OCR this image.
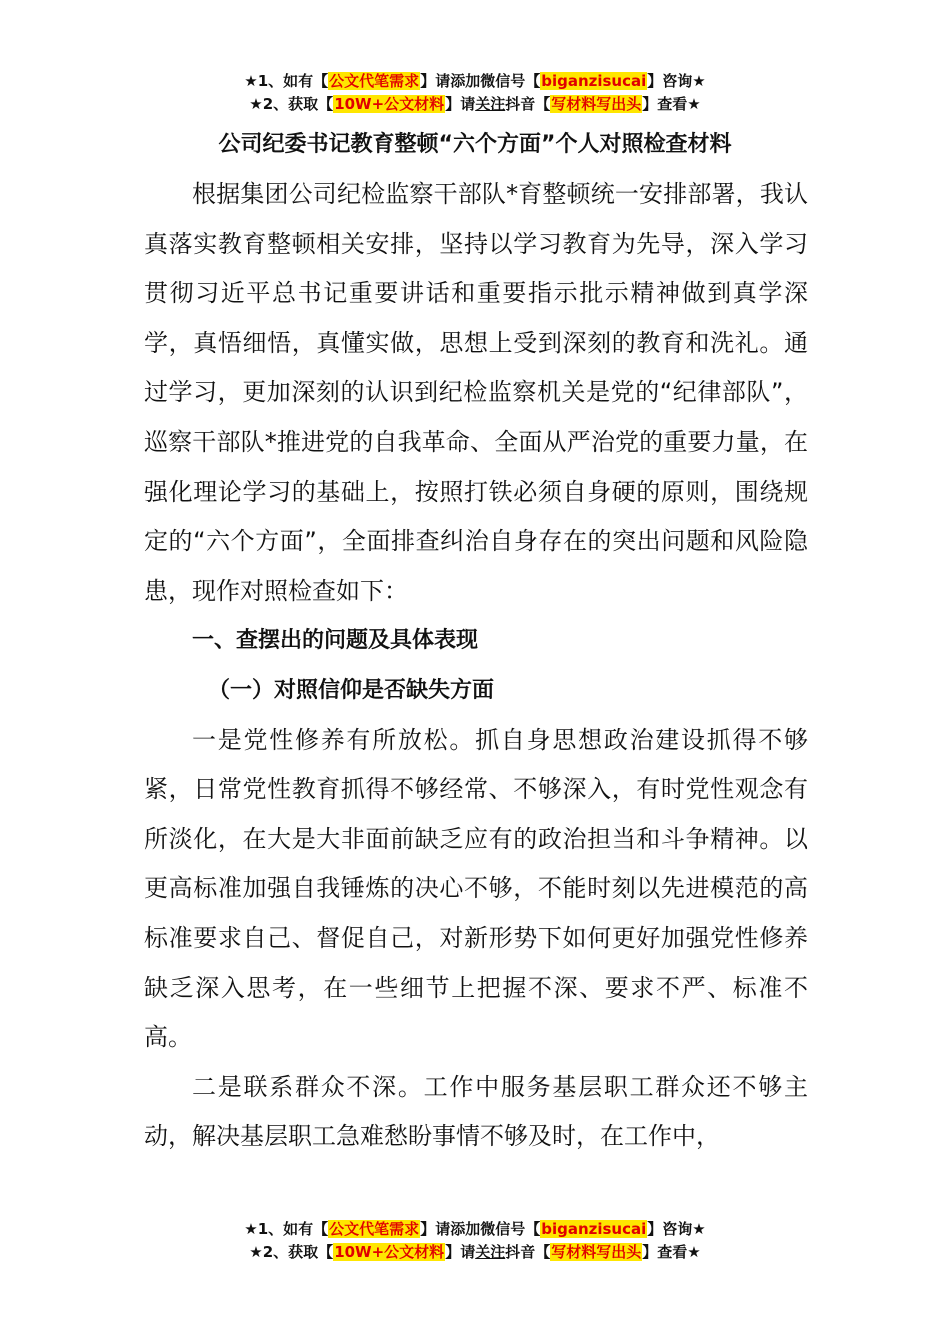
★1、如有【公文代笔需求】请添加微信号【biganzisucai】咨询★
★2、获取【10W+公文材料】请关注抖音【写材料写出头】查看★
公司纪委书记教育整顿“六个方面”个人对照检查材料

根据集团公司纪检监察干部队*育整顿统一安排部署，我认真落实教育整顿相关安排，坚持以学习教育为先导，深入学习贯彻习近平总书记重要讲话和重要指示批示精神做到真学深学，真悟细悟，真懂实做，思想上受到深刻的教育和洗礼。通过学习，更加深刻的认识到纪检监察机关是党的“纪律部队”，巡察干部队*推进党的自我革命、全面从严治党的重要力量，在强化理论学习的基础上，按照打铁必须自身硬的原则，围绕规定的“六个方面”，全面排查纠治自身存在的突出问题和风险隐患，现作对照检查如下：

一、查摆出的问题及具体表现

（一）对照信仰是否缺失方面

一是党性修养有所放松。抓自身思想政治建设抓得不够紧，日常党性教育抓得不够经常、不够深入，有时党性观念有所淡化，在大是大非面前缺乏应有的政治担当和斗争精神。以更高标准加强自我锤炼的决心不够，不能时刻以先进模范的高标准要求自己、督促自己，对新形势下如何更好加强党性修养缺乏深入思考，在一些细节上把握不深、要求不严、标准不高。

二是联系群众不深。工作中服务基层职工群众还不够主动，解决基层职工急难愁盼事情不够及时，在工作中，

★1、如有【公文代笔需求】请添加微信号【biganzisucai】咨询★
★2、获取【10W+公文材料】请关注抖音【写材料写出头】查看★
